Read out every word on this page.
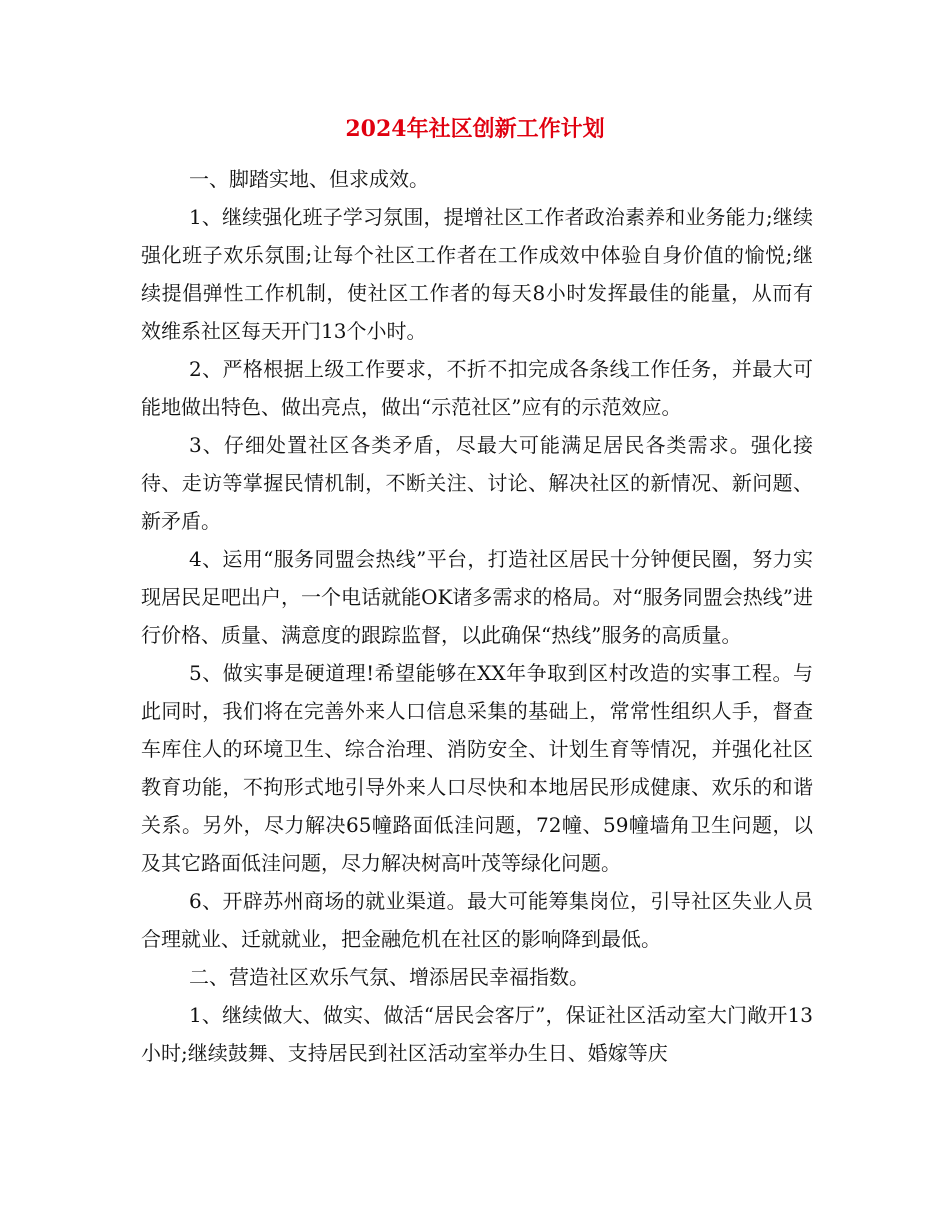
2024年社区创新工作计划

一、脚踏实地、但求成效。

1、继续强化班子学习氛围，提增社区工作者政治素养和业务能力;继续强化班子欢乐氛围;让每个社区工作者在工作成效中体验自身价值的愉悦;继续提倡弹性工作机制，使社区工作者的每天8小时发挥最佳的能量，从而有效维系社区每天开门13个小时。

2、严格根据上级工作要求，不折不扣完成各条线工作任务，并最大可能地做出特色、做出亮点，做出“示范社区”应有的示范效应。

3、仔细处置社区各类矛盾，尽最大可能满足居民各类需求。强化接待、走访等掌握民情机制，不断关注、讨论、解决社区的新情况、新问题、新矛盾。

4、运用“服务同盟会热线”平台，打造社区居民十分钟便民圈，努力实现居民足吧出户，一个电话就能OK诸多需求的格局。对“服务同盟会热线”进行价格、质量、满意度的跟踪监督，以此确保“热线”服务的高质量。

5、做实事是硬道理!希望能够在XX年争取到区村改造的实事工程。与此同时，我们将在完善外来人口信息采集的基础上，常常性组织人手，督查车库住人的环境卫生、综合治理、消防安全、计划生育等情况，并强化社区教育功能，不拘形式地引导外来人口尽快和本地居民形成健康、欢乐的和谐关系。另外，尽力解决65幢路面低洼问题，72幢、59幢墙角卫生问题，以及其它路面低洼问题，尽力解决树高叶茂等绿化问题。

6、开辟苏州商场的就业渠道。最大可能筹集岗位，引导社区失业人员合理就业、迁就就业，把金融危机在社区的影响降到最低。

二、营造社区欢乐气氛、增添居民幸福指数。

1、继续做大、做实、做活“居民会客厅”，保证社区活动室大门敞开13小时;继续鼓舞、支持居民到社区活动室举办生日、婚嫁等庆
